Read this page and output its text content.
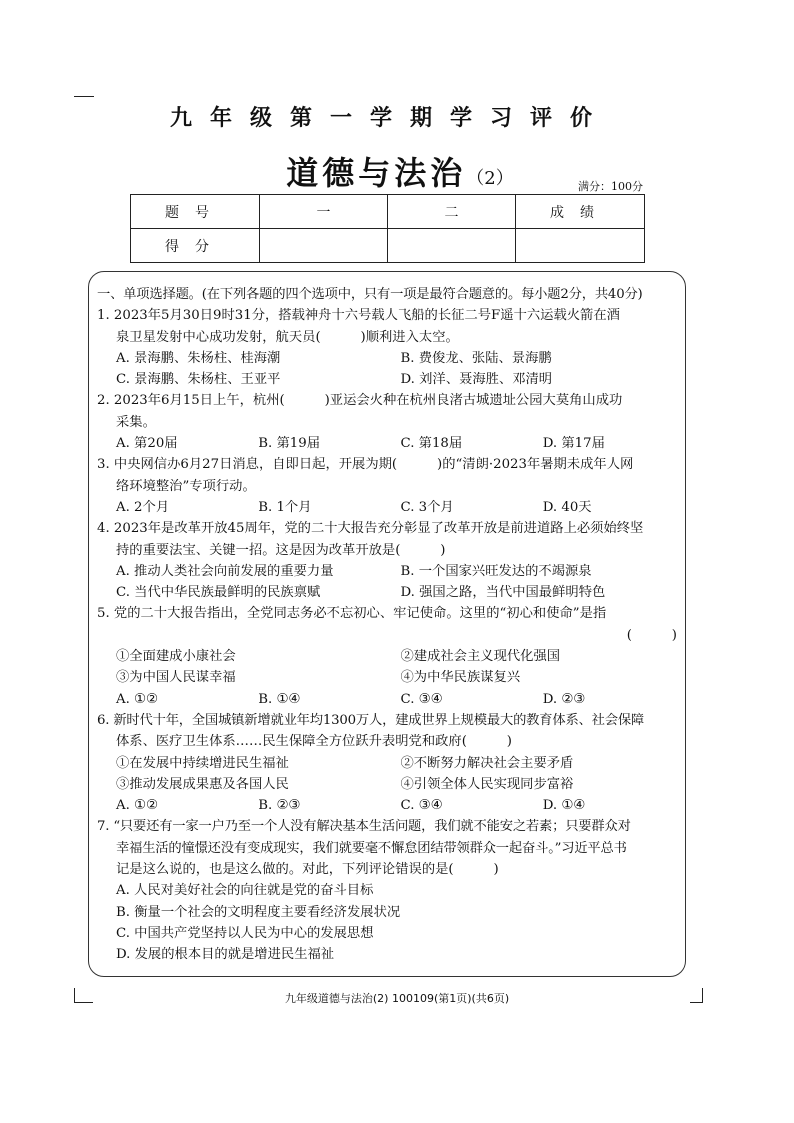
九年级第一学期学习评价
道德与法治（2）	满分：100分
题号	一	二	成绩
得分			
一、单项选择题。(在下列各题的四个选项中，只有一项是最符合题意的。每小题2分，共40分)
1. 2023年5月30日9时31分，搭载神舟十六号载人飞船的长征二号F遥十六运载火箭在酒
泉卫星发射中心成功发射，航天员(　　　)顺利进入太空。
A. 景海鹏、朱杨柱、桂海潮	B. 费俊龙、张陆、景海鹏
C. 景海鹏、朱杨柱、王亚平	D. 刘洋、聂海胜、邓清明
2. 2023年6月15日上午，杭州(　　　)亚运会火种在杭州良渚古城遗址公园大莫角山成功
采集。
A. 第20届	B. 第19届	C. 第18届	D. 第17届
3. 中央网信办6月27日消息，自即日起，开展为期(　　　)的“清朗·2023年暑期未成年人网
络环境整治”专项行动。
A. 2个月	B. 1个月	C. 3个月	D. 40天
4. 2023年是改革开放45周年，党的二十大报告充分彰显了改革开放是前进道路上必须始终坚
持的重要法宝、关键一招。这是因为改革开放是(　　　)
A. 推动人类社会向前发展的重要力量	B. 一个国家兴旺发达的不竭源泉
C. 当代中华民族最鲜明的民族禀赋	D. 强国之路，当代中国最鲜明特色
5. 党的二十大报告指出，全党同志务必不忘初心、牢记使命。这里的“初心和使命”是指
(　　　)
①全面建成小康社会	②建成社会主义现代化强国
③为中国人民谋幸福	④为中华民族谋复兴
A. ①②	B. ①④	C. ③④	D. ②③
6. 新时代十年，全国城镇新增就业年均1300万人，建成世界上规模最大的教育体系、社会保障
体系、医疗卫生体系……民生保障全方位跃升表明党和政府(　　　)
①在发展中持续增进民生福祉	②不断努力解决社会主要矛盾
③推动发展成果惠及各国人民	④引领全体人民实现同步富裕
A. ①②	B. ②③	C. ③④	D. ①④
7. “只要还有一家一户乃至一个人没有解决基本生活问题，我们就不能安之若素；只要群众对
幸福生活的憧憬还没有变成现实，我们就要毫不懈怠团结带领群众一起奋斗。”习近平总书
记是这么说的，也是这么做的。对此，下列评论错误的是(　　　)
A. 人民对美好社会的向往就是党的奋斗目标
B. 衡量一个社会的文明程度主要看经济发展状况
C. 中国共产党坚持以人民为中心的发展思想
D. 发展的根本目的就是增进民生福祉
九年级道德与法治(2) 100109(第1页)(共6页)
